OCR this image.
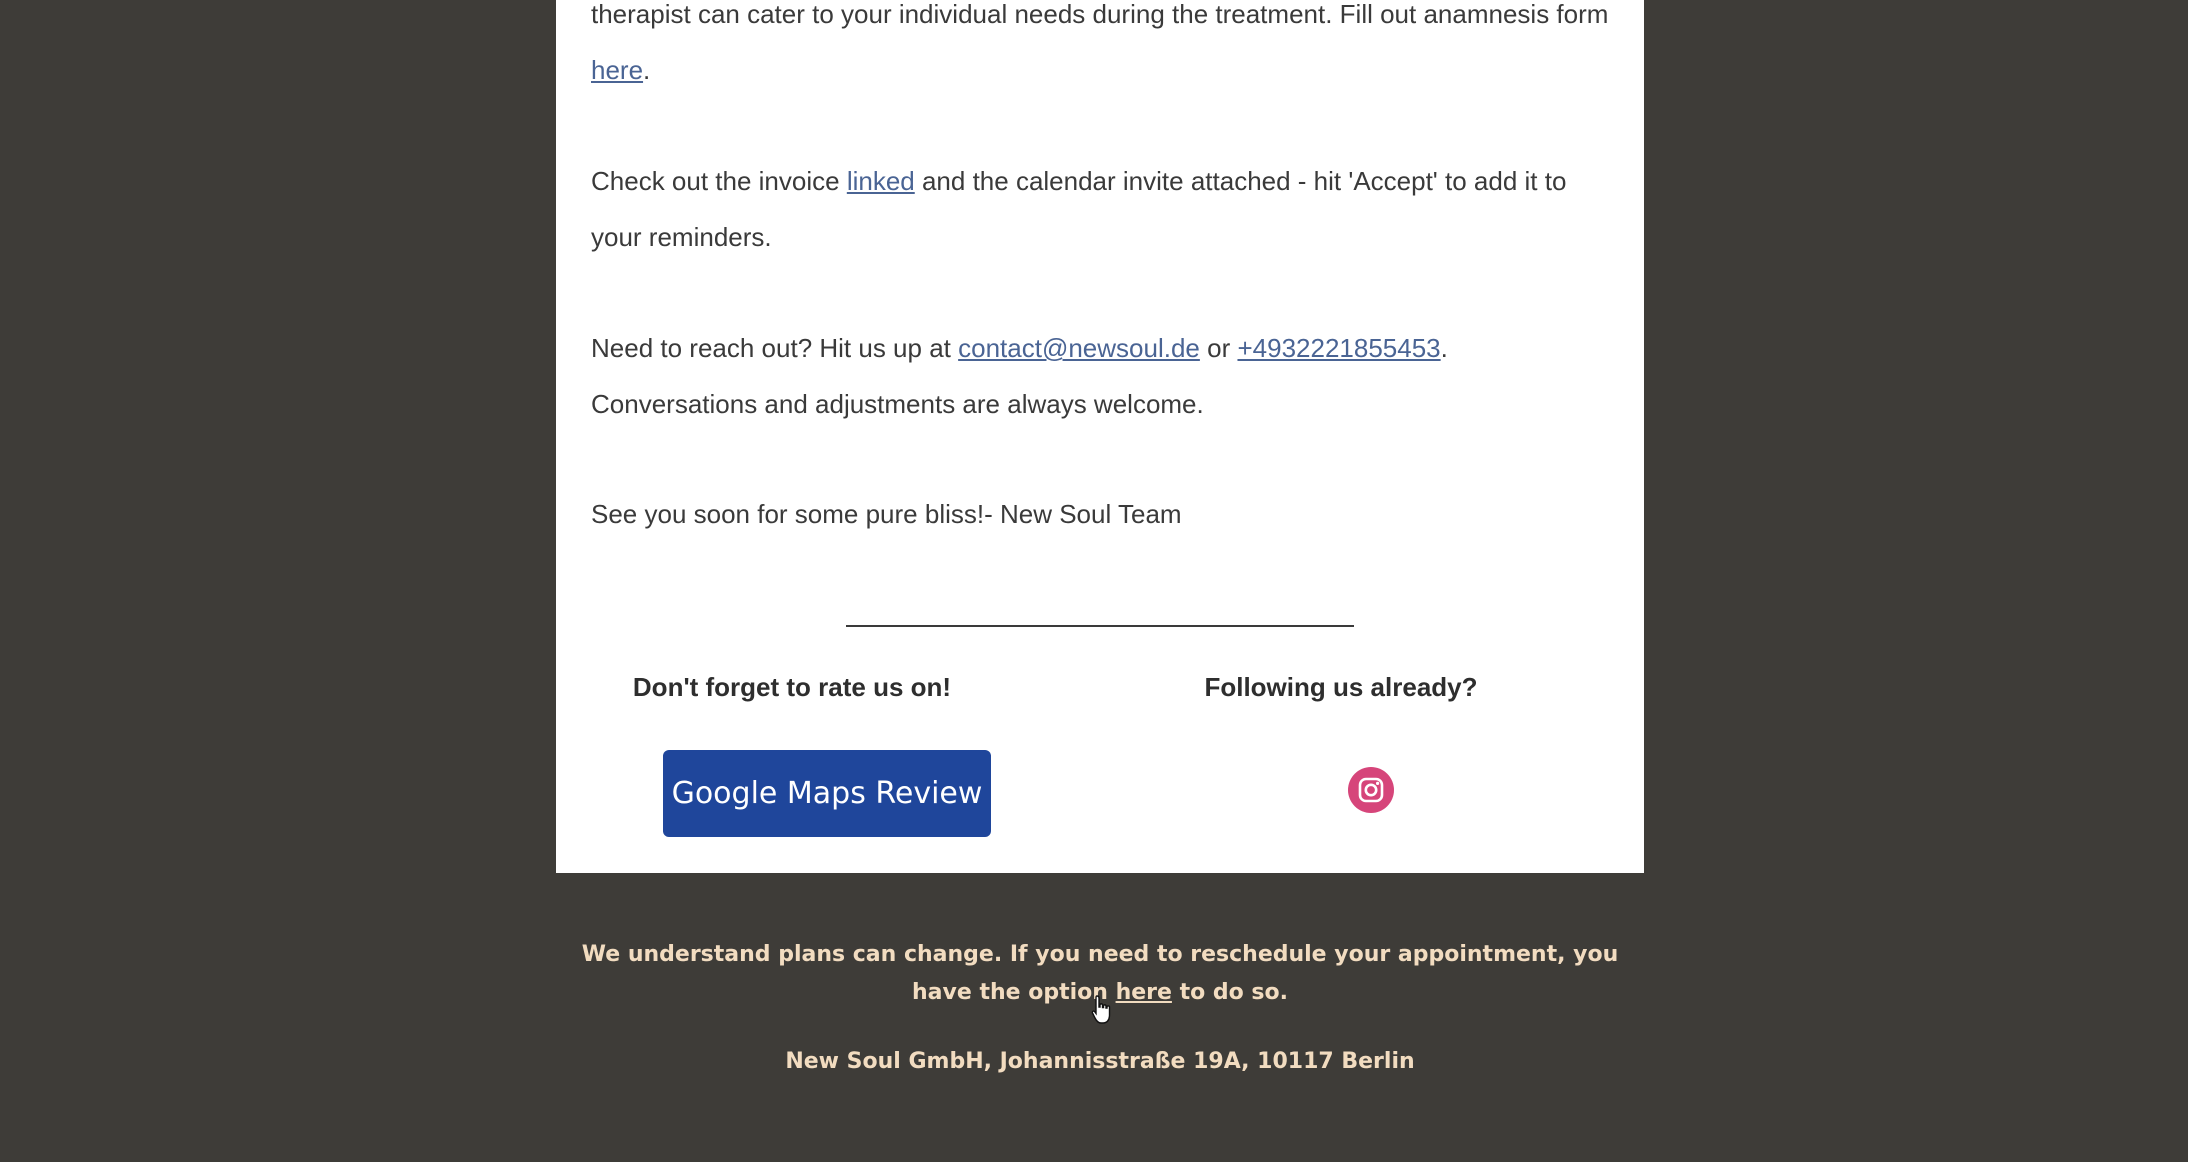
therapist can cater to your individual needs during the treatment. Fill out anamnesis form here.

Check out the invoice linked and the calendar invite attached - hit 'Accept' to add it to your reminders.

Need to reach out? Hit us up at contact@newsoul.de or +4932221855453. Conversations and adjustments are always welcome.

See you soon for some pure bliss!- New Soul Team

Don't forget to rate us on!	Following us already?
Google Maps Review
We understand plans can change. If you need to reschedule your appointment, you have the option here to do so.
New Soul GmbH, Johannisstraße 19A, 10117 Berlin
